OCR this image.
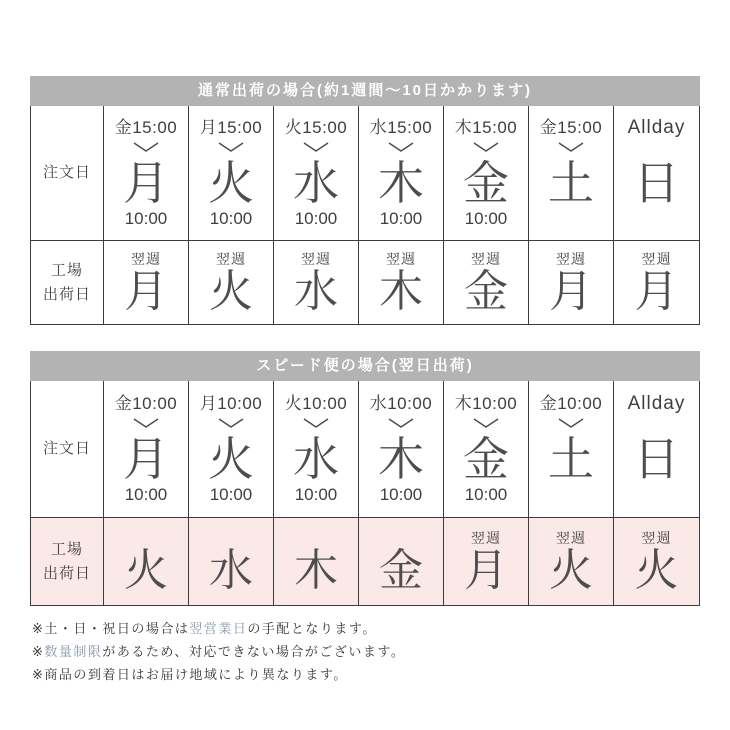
通常出荷の場合(約1週間〜10日かかります)
注文日
金15:00
月
10:00
月15:00
火
10:00
火15:00
水
10:00
水15:00
木
10:00
木15:00
金
10:00
金15:00
土
Allday
日
工場
出荷日
翌週
月
翌週
火
翌週
水
翌週
木
翌週
金
翌週
月
翌週
月
スピード便の場合(翌日出荷)
注文日
金10:00
月
10:00
月10:00
火
10:00
火10:00
水
10:00
水10:00
木
10:00
木10:00
金
10:00
金10:00
土
Allday
日
工場
出荷日 火 水 木 金
翌週
月
翌週
火
翌週
火

※土・日・祝日の場合は翌営業日の手配となります。

※数量制限があるため、対応できない場合がございます。

※商品の到着日はお届け地域により異なります。
